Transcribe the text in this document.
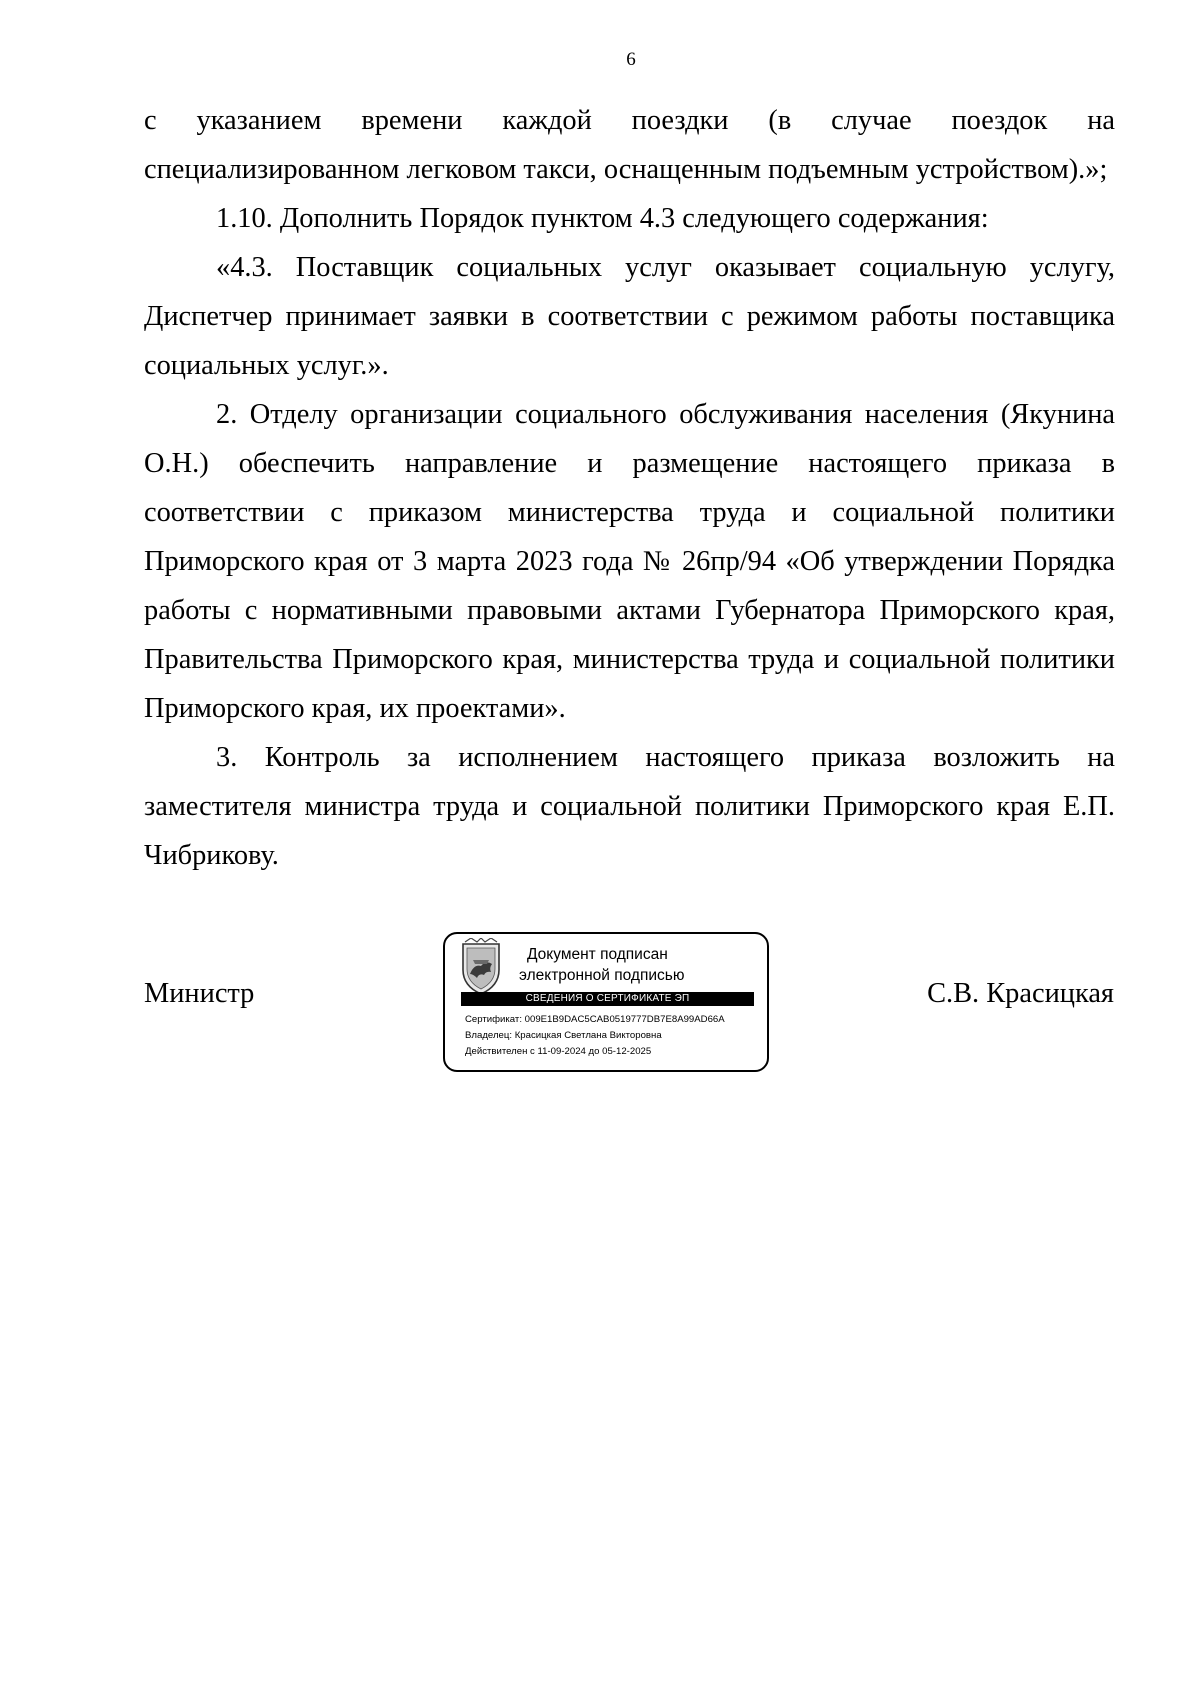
6

с указанием времени каждой поездки (в случае поездок на специализированном легковом такси, оснащенным подъемным устройством).»;

1.10. Дополнить Порядок пунктом 4.3 следующего содержания:

«4.3. Поставщик социальных услуг оказывает социальную услугу, Диспетчер принимает заявки в соответствии с режимом работы поставщика социальных услуг.».

2. Отделу организации социального обслуживания населения (Якунина О.Н.) обеспечить направление и размещение настоящего приказа в соответствии с приказом министерства труда и социальной политики Приморского края от 3 марта 2023 года № 26пр/94 «Об утверждении Порядка работы с нормативными правовыми актами Губернатора Приморского края, Правительства Приморского края, министерства труда и социальной политики Приморского края, их проектами».

3. Контроль за исполнением настоящего приказа возложить на заместителя министра труда и социальной политики Приморского края Е.П. Чибрикову.

Министр
Документ подписан
электронной подписью
СВЕДЕНИЯ О СЕРТИФИКАТЕ ЭП
Сертификат: 009E1B9DAC5CAB0519777DB7E8A99AD66A
Владелец: Красицкая Светлана Викторовна
Действителен с 11-09-2024 до 05-12-2025
С.В. Красицкая
